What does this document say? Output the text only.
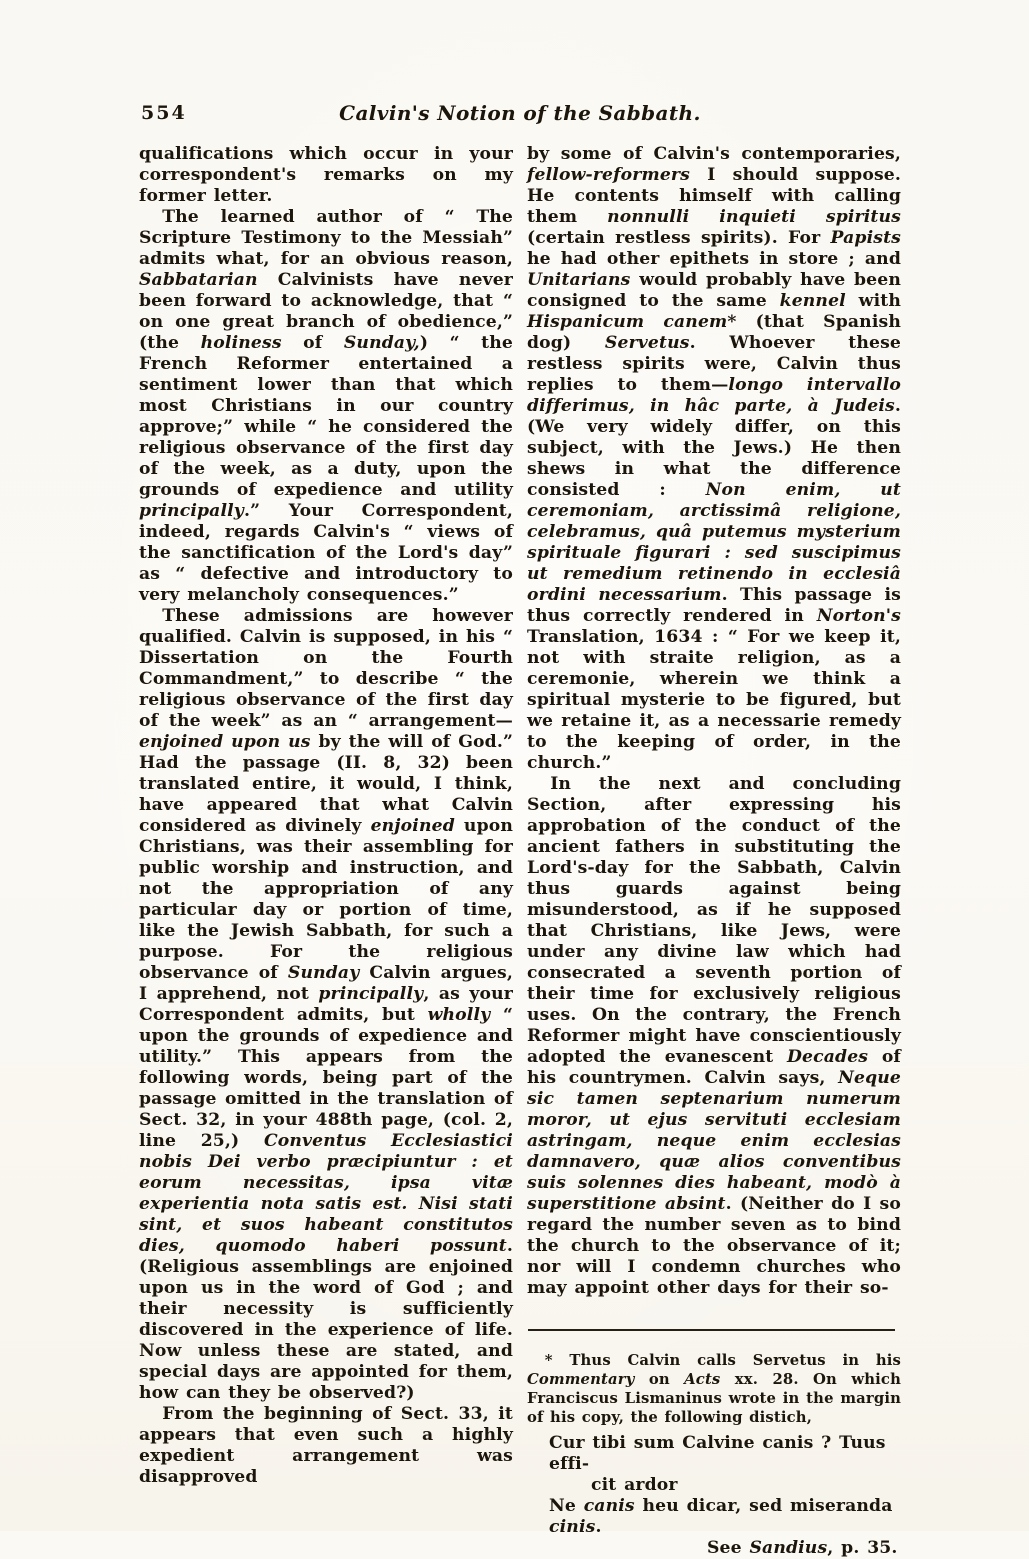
554	Calvin's Notion of the Sabbath.

qualifications which occur in your correspondent's remarks on my former letter.

The learned author of “ The Scripture Testimony to the Messiah” admits what, for an obvious reason, Sabbatarian Calvinists have never been forward to acknowledge, that “ on one great branch of obedience,” (the holiness of Sunday,) “ the French Reformer entertained a sentiment lower than that which most Christians in our country approve;” while “ he considered the religious observance of the first day of the week, as a duty, upon the grounds of expedience and utility principally.” Your Correspondent, indeed, regards Calvin's “ views of the sanctification of the Lord's day” as “ defective and introductory to very melancholy consequences.”

These admissions are however qualified. Calvin is supposed, in his “ Dissertation on the Fourth Commandment,” to describe “ the religious observance of the first day of the week” as an “ arrangement—enjoined upon us by the will of God.” Had the passage (II. 8, 32) been translated entire, it would, I think, have appeared that what Calvin considered as divinely enjoined upon Christians, was their assembling for public worship and instruction, and not the appropriation of any particular day or portion of time, like the Jewish Sabbath, for such a purpose. For the religious observance of Sunday Calvin argues, I apprehend, not principally, as your Correspondent admits, but wholly “ upon the grounds of expedience and utility.” This appears from the following words, being part of the passage omitted in the translation of Sect. 32, in your 488th page, (col. 2, line 25,) Conventus Ecclesiastici nobis Dei verbo præcipiuntur : et eorum necessitas, ipsa vitæ experientia nota satis est. Nisi stati sint, et suos habeant constitutos dies, quomodo haberi possunt. (Religious assemblings are enjoined upon us in the word of God ; and their necessity is sufficiently discovered in the experience of life. Now unless these are stated, and special days are appointed for them, how can they be observed?)

From the beginning of Sect. 33, it appears that even such a highly expedient arrangement was disapproved

by some of Calvin's contemporaries, fellow-reformers I should suppose. He contents himself with calling them nonnulli inquieti spiritus (certain restless spirits). For Papists he had other epithets in store ; and Unitarians would probably have been consigned to the same kennel with Hispanicum canem* (that Spanish dog) Servetus. Whoever these restless spirits were, Calvin thus replies to them—longo intervallo differimus, in hâc parte, à Judeis. (We very widely differ, on this subject, with the Jews.) He then shews in what the difference consisted : Non enim, ut ceremoniam, arctissimâ religione, celebramus, quâ putemus mysterium spirituale figurari : sed suscipimus ut remedium retinendo in ecclesiâ ordini necessarium. This passage is thus correctly rendered in Norton's Translation, 1634 : “ For we keep it, not with straite religion, as a ceremonie, wherein we think a spiritual mysterie to be figured, but we retaine it, as a necessarie remedy to the keeping of order, in the church.”

In the next and concluding Section, after expressing his approbation of the conduct of the ancient fathers in substituting the Lord's-day for the Sabbath, Calvin thus guards against being misunderstood, as if he supposed that Christians, like Jews, were under any divine law which had consecrated a seventh portion of their time for exclusively religious uses. On the contrary, the French Reformer might have conscientiously adopted the evanescent Decades of his countrymen. Calvin says, Neque sic tamen septenarium numerum moror, ut ejus servituti ecclesiam astringam, neque enim ecclesias damnavero, quæ alios conventibus suis solennes dies habeant, modò à superstitione absint. (Neither do I so regard the number seven as to bind the church to the observance of it; nor will I condemn churches who may appoint other days for their so-

* Thus Calvin calls Servetus in his Commentary on Acts xx. 28. On which Franciscus Lismaninus wrote in the margin of his copy, the following distich,

Cur tibi sum Calvine canis ? Tuus effi-

cit ardor

Ne canis heu dicar, sed miseranda cinis.

See Sandius, p. 35.
